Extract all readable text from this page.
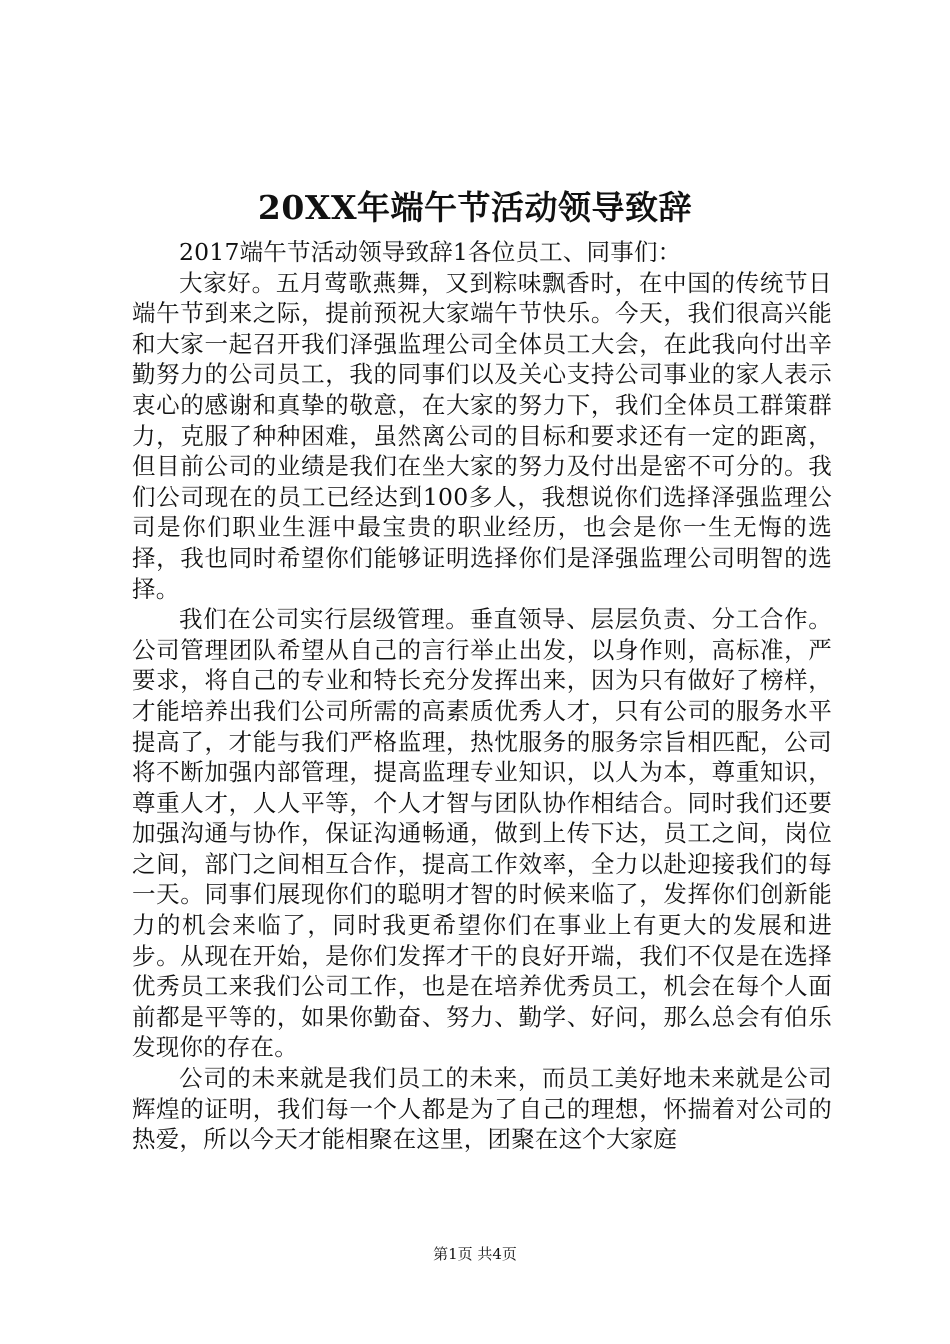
20XX年端午节活动领导致辞

2017端午节活动领导致辞1各位员工、同事们：

大家好。五月莺歌燕舞，又到粽味飘香时，在中国的传统节日端午节到来之际，提前预祝大家端午节快乐。今天，我们很高兴能和大家一起召开我们泽强监理公司全体员工大会，在此我向付出辛勤努力的公司员工，我的同事们以及关心支持公司事业的家人表示衷心的感谢和真挚的敬意，在大家的努力下，我们全体员工群策群力，克服了种种困难，虽然离公司的目标和要求还有一定的距离，但目前公司的业绩是我们在坐大家的努力及付出是密不可分的。我们公司现在的员工已经达到100多人，我想说你们选择泽强监理公司是你们职业生涯中最宝贵的职业经历，也会是你一生无悔的选择，我也同时希望你们能够证明选择你们是泽强监理公司明智的选择。

我们在公司实行层级管理。垂直领导、层层负责、分工合作。公司管理团队希望从自己的言行举止出发，以身作则，高标准，严要求，将自己的专业和特长充分发挥出来，因为只有做好了榜样，才能培养出我们公司所需的高素质优秀人才，只有公司的服务水平提高了，才能与我们严格监理，热忱服务的服务宗旨相匹配，公司将不断加强内部管理，提高监理专业知识，以人为本，尊重知识，尊重人才，人人平等，个人才智与团队协作相结合。同时我们还要加强沟通与协作，保证沟通畅通，做到上传下达，员工之间，岗位之间，部门之间相互合作，提高工作效率，全力以赴迎接我们的每一天。同事们展现你们的聪明才智的时候来临了，发挥你们创新能力的机会来临了，同时我更希望你们在事业上有更大的发展和进步。从现在开始，是你们发挥才干的良好开端，我们不仅是在选择优秀员工来我们公司工作，也是在培养优秀员工，机会在每个人面前都是平等的，如果你勤奋、努力、勤学、好问，那么总会有伯乐发现你的存在。

公司的未来就是我们员工的未来，而员工美好地未来就是公司辉煌的证明，我们每一个人都是为了自己的理想，怀揣着对公司的热爱，所以今天才能相聚在这里，团聚在这个大家庭

第1页 共4页
